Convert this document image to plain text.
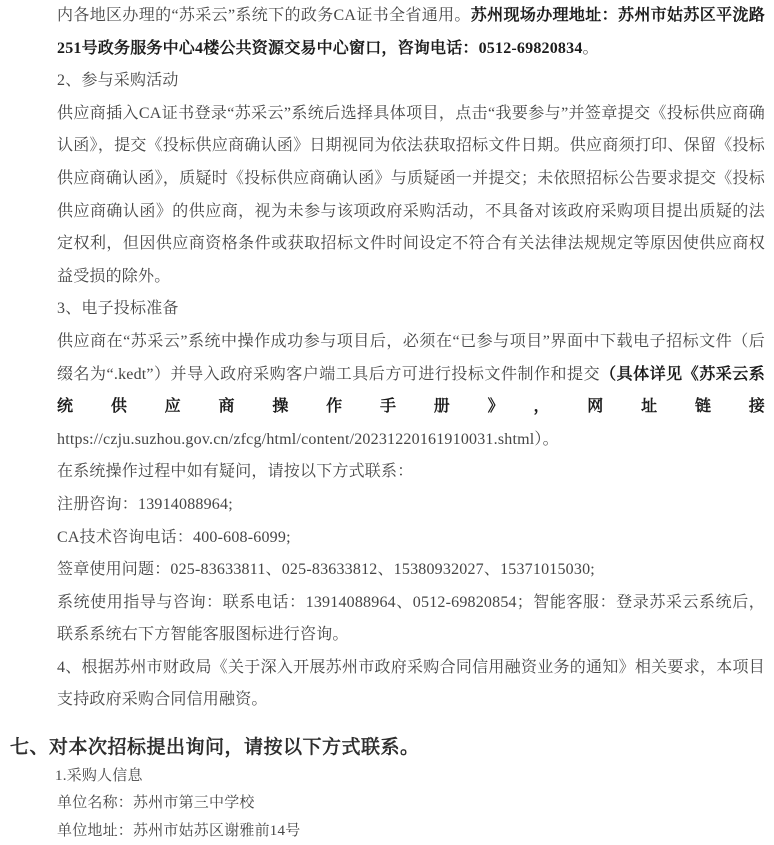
内各地区办理的“苏采云”系统下的政务CA证书全省通用。苏州现场办理地址：苏州市姑苏区平泷路251号政务服务中心4楼公共资源交易中心窗口，咨询电话：0512-69820834。

2、参与采购活动

供应商插入CA证书登录“苏采云”系统后选择具体项目，点击“我要参与”并签章提交《投标供应商确认函》，提交《投标供应商确认函》日期视同为依法获取招标文件日期。供应商须打印、保留《投标供应商确认函》，质疑时《投标供应商确认函》与质疑函一并提交；未依照招标公告要求提交《投标供应商确认函》的供应商，视为未参与该项政府采购活动，不具备对该政府采购项目提出质疑的法定权利，但因供应商资格条件或获取招标文件时间设定不符合有关法律法规规定等原因使供应商权益受损的除外。

3、电子投标准备

供应商在“苏采云”系统中操作成功参与项目后，必须在“已参与项目”界面中下载电子招标文件（后缀名为“.kedt”）并导入政府采购客户端工具后方可进行投标文件制作和提交（具体详见《苏采云系统供应商操作手册》，网址链接https://czju.suzhou.gov.cn/zfcg/html/content/20231220161910031.shtml）。

在系统操作过程中如有疑问，请按以下方式联系：

注册咨询：13914088964;

CA技术咨询电话：400-608-6099;

签章使用问题：025-83633811、025-83633812、15380932027、15371015030;

系统使用指导与咨询：联系电话：13914088964、0512-69820854；智能客服：登录苏采云系统后，联系系统右下方智能客服图标进行咨询。

4、根据苏州市财政局《关于深入开展苏州市政府采购合同信用融资业务的通知》相关要求，本项目支持政府采购合同信用融资。

七、对本次招标提出询问，请按以下方式联系。

1.采购人信息

单位名称：苏州市第三中学校

单位地址：苏州市姑苏区谢雅前14号
